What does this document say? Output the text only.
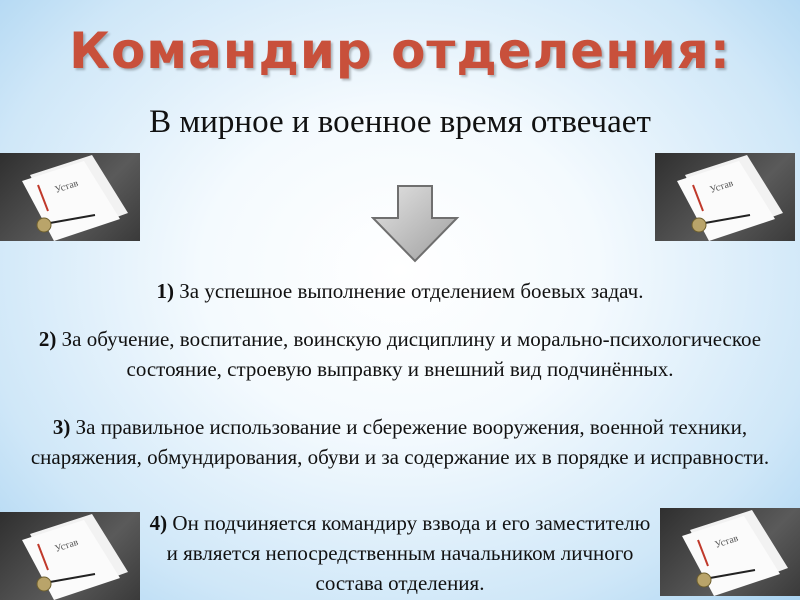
Командир отделения:
В мирное и военное время отвечает
Устав	Устав
Устав	Устав
1) За успешное выполнение отделением боевых задач.
2) За обучение, воспитание, воинскую дисциплину и морально-психологическое состояние, строевую выправку и внешний вид подчинённых.
3) За правильное использование и сбережение вооружения, военной техники, снаряжения, обмундирования, обуви и за содержание их в порядке и исправности.
4) Он подчиняется командиру взвода и его заместителю и является непосредственным начальником личного состава отделения.
